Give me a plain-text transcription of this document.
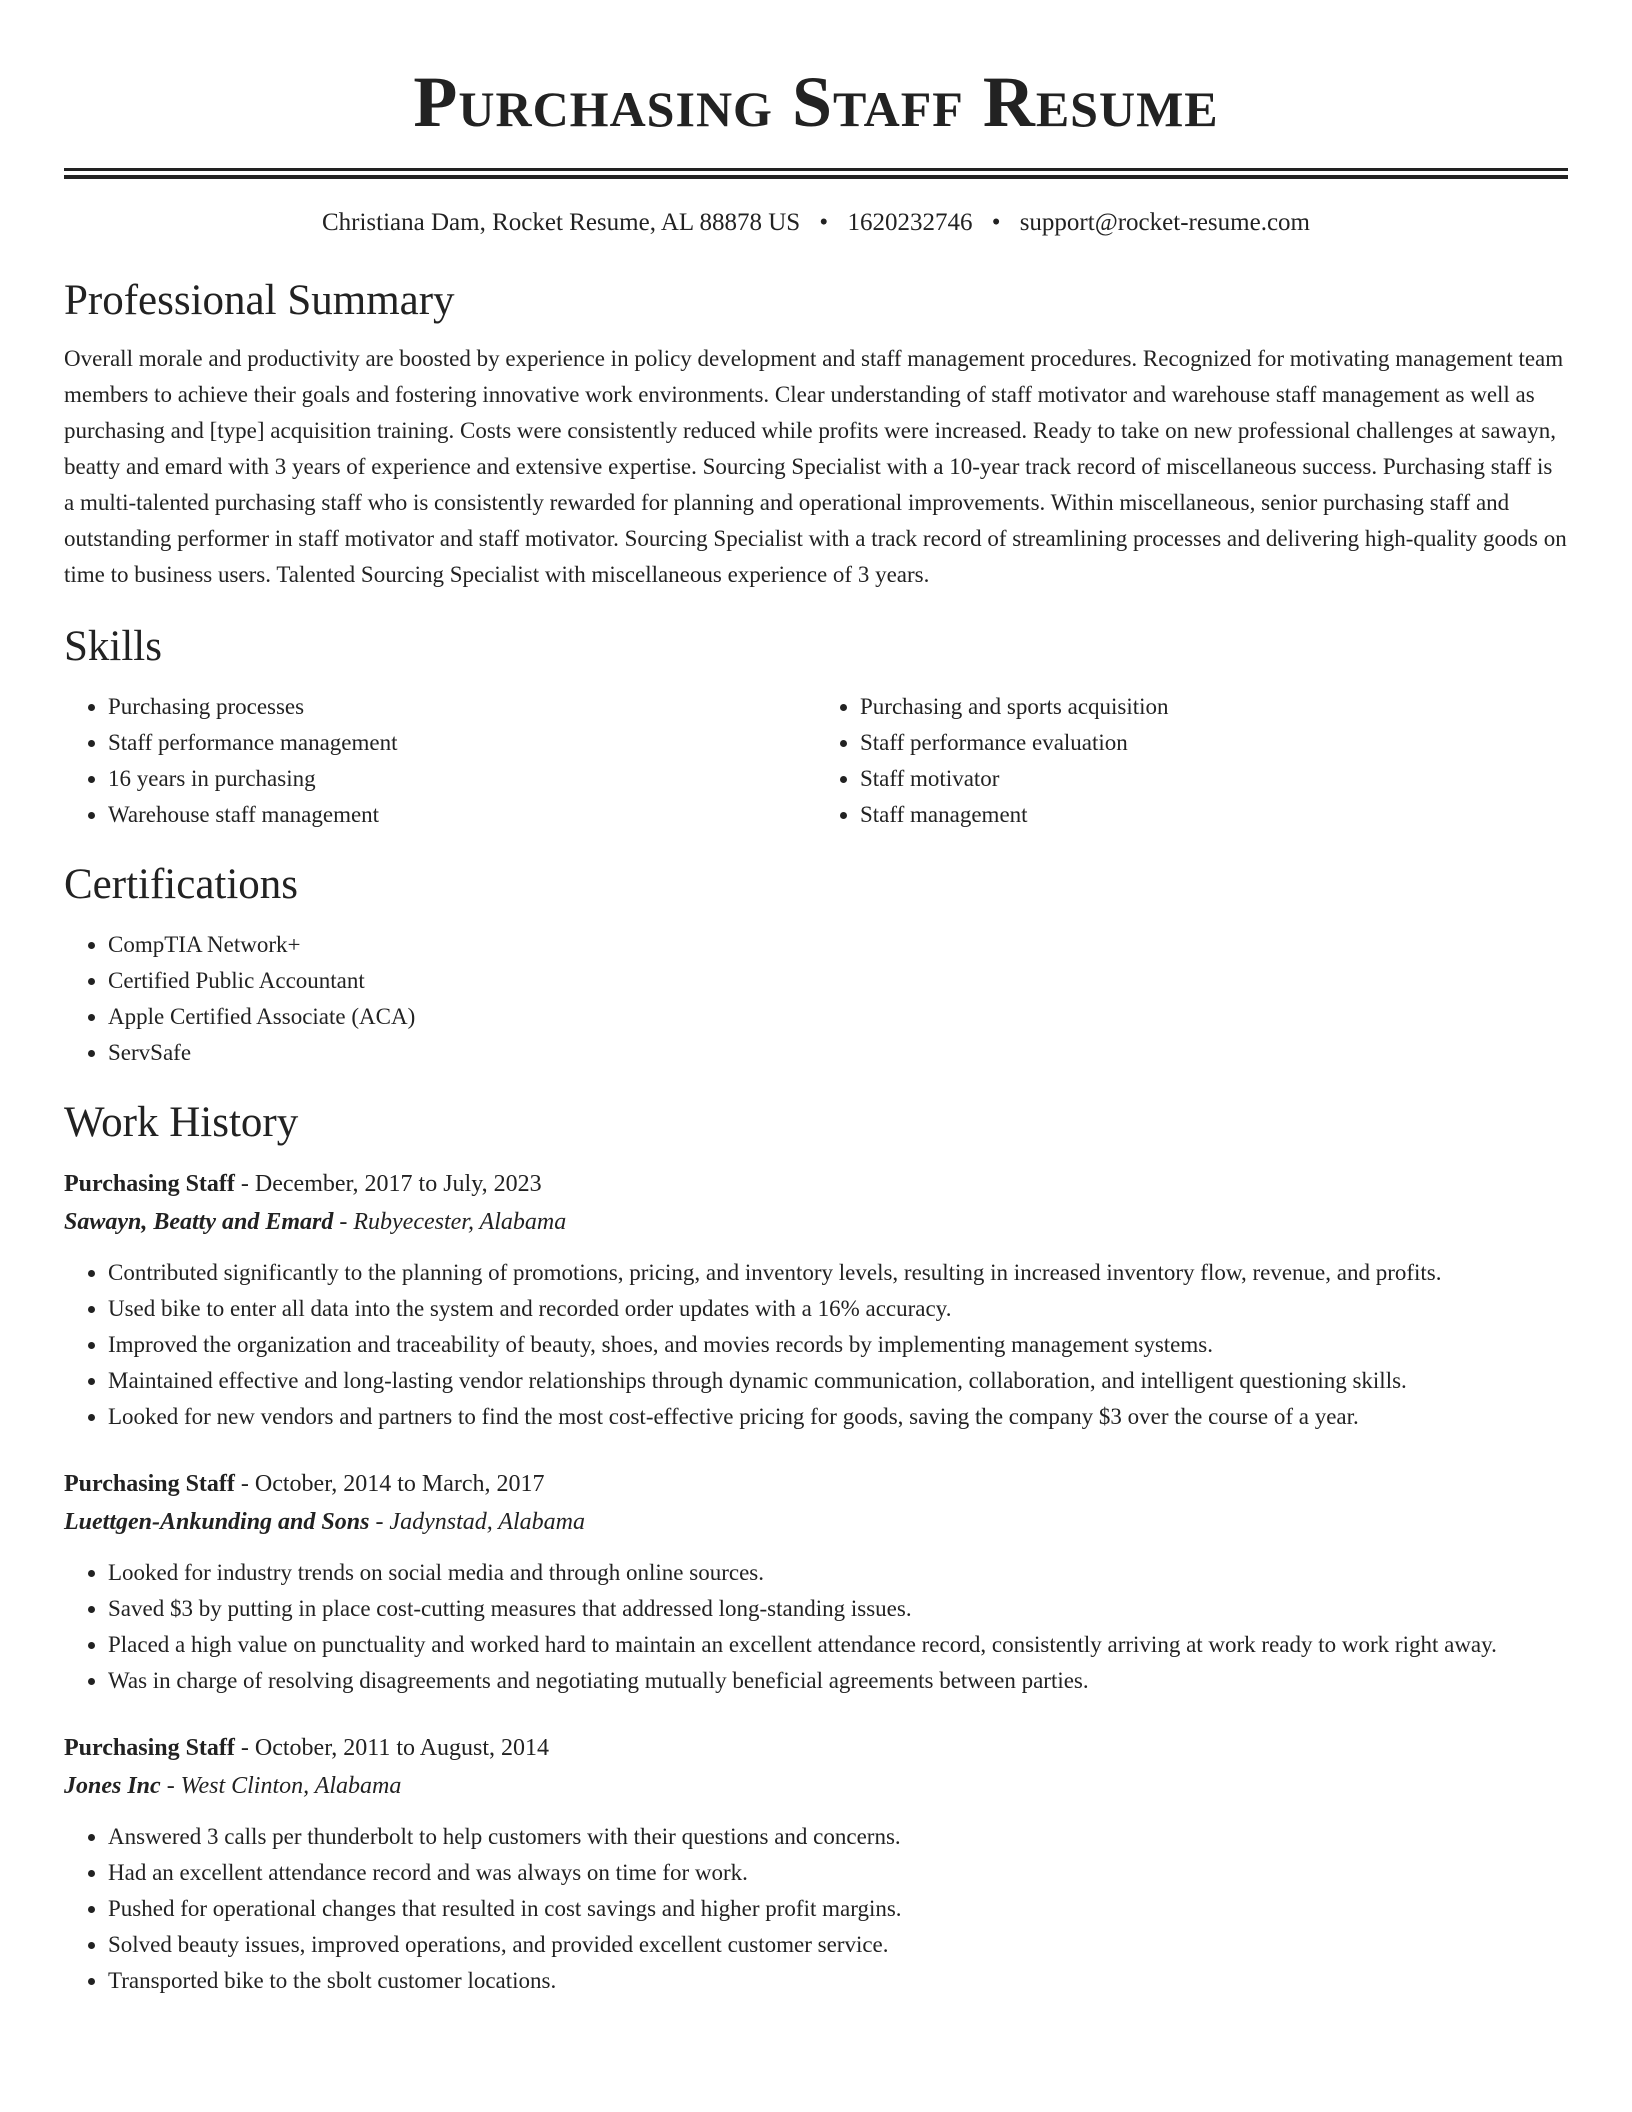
Purchasing Staff Resume
Christiana Dam, Rocket Resume, AL 88878 US • 1620232746 • support@rocket-resume.com
Professional Summary

Overall morale and productivity are boosted by experience in policy development and staff management procedures. Recognized for motivating management team members to achieve their goals and fostering innovative work environments. Clear understanding of staff motivator and warehouse staff management as well as purchasing and [type] acquisition training. Costs were consistently reduced while profits were increased. Ready to take on new professional challenges at sawayn, beatty and emard with 3 years of experience and extensive expertise. Sourcing Specialist with a 10-year track record of miscellaneous success. Purchasing staff is a multi-talented purchasing staff who is consistently rewarded for planning and operational improvements. Within miscellaneous, senior purchasing staff and outstanding performer in staff motivator and staff motivator. Sourcing Specialist with a track record of streamlining processes and delivering high-quality goods on time to business users. Talented Sourcing Specialist with miscellaneous experience of 3 years.

Skills
• Purchasing processes
• Staff performance management
• 16 years in purchasing
• Warehouse staff management
• Purchasing and sports acquisition
• Staff performance evaluation
• Staff motivator
• Staff management
Certifications
• CompTIA Network+
• Certified Public Accountant
• Apple Certified Associate (ACA)
• ServSafe
Work History
Purchasing Staff - December, 2017 to July, 2023
Sawayn, Beatty and Emard - Rubyecester, Alabama
• Contributed significantly to the planning of promotions, pricing, and inventory levels, resulting in increased inventory flow, revenue, and profits.
• Used bike to enter all data into the system and recorded order updates with a 16% accuracy.
• Improved the organization and traceability of beauty, shoes, and movies records by implementing management systems.
• Maintained effective and long-lasting vendor relationships through dynamic communication, collaboration, and intelligent questioning skills.
• Looked for new vendors and partners to find the most cost-effective pricing for goods, saving the company $3 over the course of a year.
Purchasing Staff - October, 2014 to March, 2017
Luettgen-Ankunding and Sons - Jadynstad, Alabama
• Looked for industry trends on social media and through online sources.
• Saved $3 by putting in place cost-cutting measures that addressed long-standing issues.
• Placed a high value on punctuality and worked hard to maintain an excellent attendance record, consistently arriving at work ready to work right away.
• Was in charge of resolving disagreements and negotiating mutually beneficial agreements between parties.
Purchasing Staff - October, 2011 to August, 2014
Jones Inc - West Clinton, Alabama
• Answered 3 calls per thunderbolt to help customers with their questions and concerns.
• Had an excellent attendance record and was always on time for work.
• Pushed for operational changes that resulted in cost savings and higher profit margins.
• Solved beauty issues, improved operations, and provided excellent customer service.
• Transported bike to the sbolt customer locations.
